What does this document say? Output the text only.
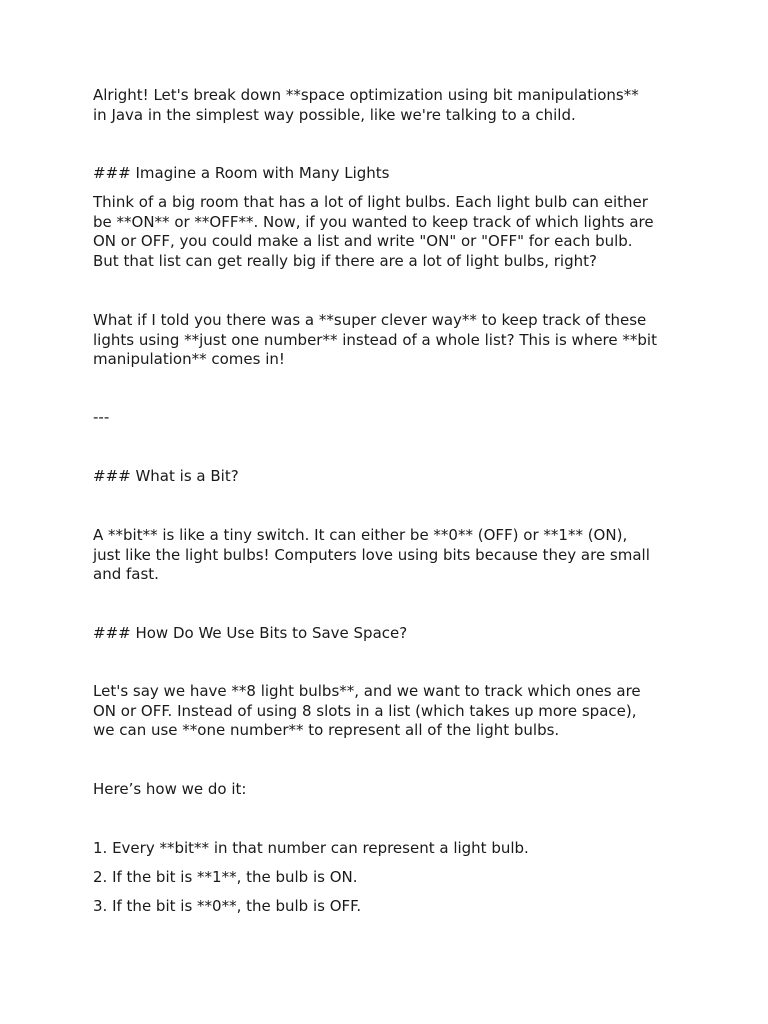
Alright! Let's break down **space optimization using bit manipulations**
in Java in the simplest way possible, like we're talking to a child.

### Imagine a Room with Many Lights

Think of a big room that has a lot of light bulbs. Each light bulb can either
be **ON** or **OFF**. Now, if you wanted to keep track of which lights are
ON or OFF, you could make a list and write "ON" or "OFF" for each bulb.
But that list can get really big if there are a lot of light bulbs, right?

What if I told you there was a **super clever way** to keep track of these
lights using **just one number** instead of a whole list? This is where **bit
manipulation** comes in!

---

### What is a Bit?

A **bit** is like a tiny switch. It can either be **0** (OFF) or **1** (ON),
just like the light bulbs! Computers love using bits because they are small
and fast.

### How Do We Use Bits to Save Space?

Let's say we have **8 light bulbs**, and we want to track which ones are
ON or OFF. Instead of using 8 slots in a list (which takes up more space),
we can use **one number** to represent all of the light bulbs.

Here’s how we do it:

1. Every **bit** in that number can represent a light bulb.

2. If the bit is **1**, the bulb is ON.

3. If the bit is **0**, the bulb is OFF.
